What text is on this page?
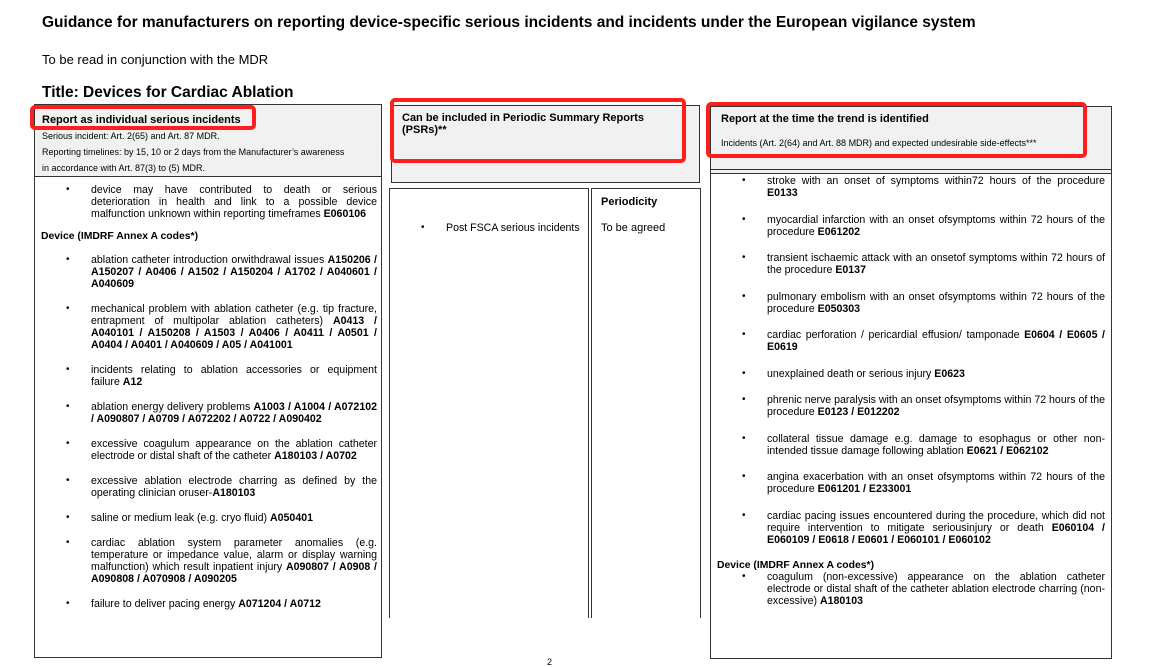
Guidance for manufacturers on reporting device-specific serious incidents and incidents under the European vigilance system
To be read in conjunction with the MDR
Title: Devices for Cardiac Ablation
Report as individual serious incidents
Serious incident: Art. 2(65) and Art. 87 MDR.
Reporting timelines: by 15, 10 or 2 days from the Manufacturer’s awareness
in accordance with Art. 87(3) to (5) MDR.
• device may have contributed to death or serious deterioration in health and link to a possible device malfunction unknown within reporting timeframes E060106
Device (IMDRF Annex A codes*)
• ablation catheter introduction orwithdrawal issues A150206 / A150207 / A0406 / A1502 / A150204 / A1702 / A040601 / A040609
• mechanical problem with ablation catheter (e.g. tip fracture, entrapment of multipolar ablation catheters) A0413 / A040101 / A150208 / A1503 / A0406 / A0411 / A0501 / A0404 / A0401 / A040609 / A05 / A041001
• incidents relating to ablation accessories or equipment failure A12
• ablation energy delivery problems A1003 / A1004 / A072102 / A090807 / A0709 / A072202 / A0722 / A090402
• excessive coagulum appearance on the ablation catheter electrode or distal shaft of the catheter A180103 / A0702
• excessive ablation electrode charring as defined by the operating clinician oruser-A180103
• saline or medium leak (e.g. cryo fluid) A050401
• cardiac ablation system parameter anomalies (e.g. temperature or impedance value, alarm or display warning malfunction) which result inpatient injury A090807 / A0908 / A090808 / A070908 / A090205
• failure to deliver pacing energy A071204 / A0712
Can be included in Periodic Summary Reports (PSRs)**
• Post FSCA serious incidents
Periodicity
To be agreed
Report at the time the trend is identified
Incidents (Art. 2(64) and Art. 88 MDR) and expected undesirable side-effects***
• stroke with an onset of symptoms within72 hours of the procedure E0133
• myocardial infarction with an onset ofsymptoms within 72 hours of the procedure E061202
• transient ischaemic attack with an onsetof symptoms within 72 hours of the procedure E0137
• pulmonary embolism with an onset ofsymptoms within 72 hours of the procedure E050303
• cardiac perforation / pericardial effusion/ tamponade E0604 / E0605 / E0619
• unexplained death or serious injury E0623
• phrenic nerve paralysis with an onset ofsymptoms within 72 hours of the procedure E0123 / E012202
• collateral tissue damage e.g. damage to esophagus or other non-intended tissue damage following ablation E0621 / E062102
• angina exacerbation with an onset ofsymptoms within 72 hours of the procedure E061201 / E233001
• cardiac pacing issues encountered during the procedure, which did not require intervention to mitigate seriousinjury or death E060104 / E060109 / E0618 / E0601 / E060101 / E060102
Device (IMDRF Annex A codes*)
• coagulum (non-excessive) appearance on the ablation catheter electrode or distal shaft of the catheter ablation electrode charring (non-excessive) A180103
2
